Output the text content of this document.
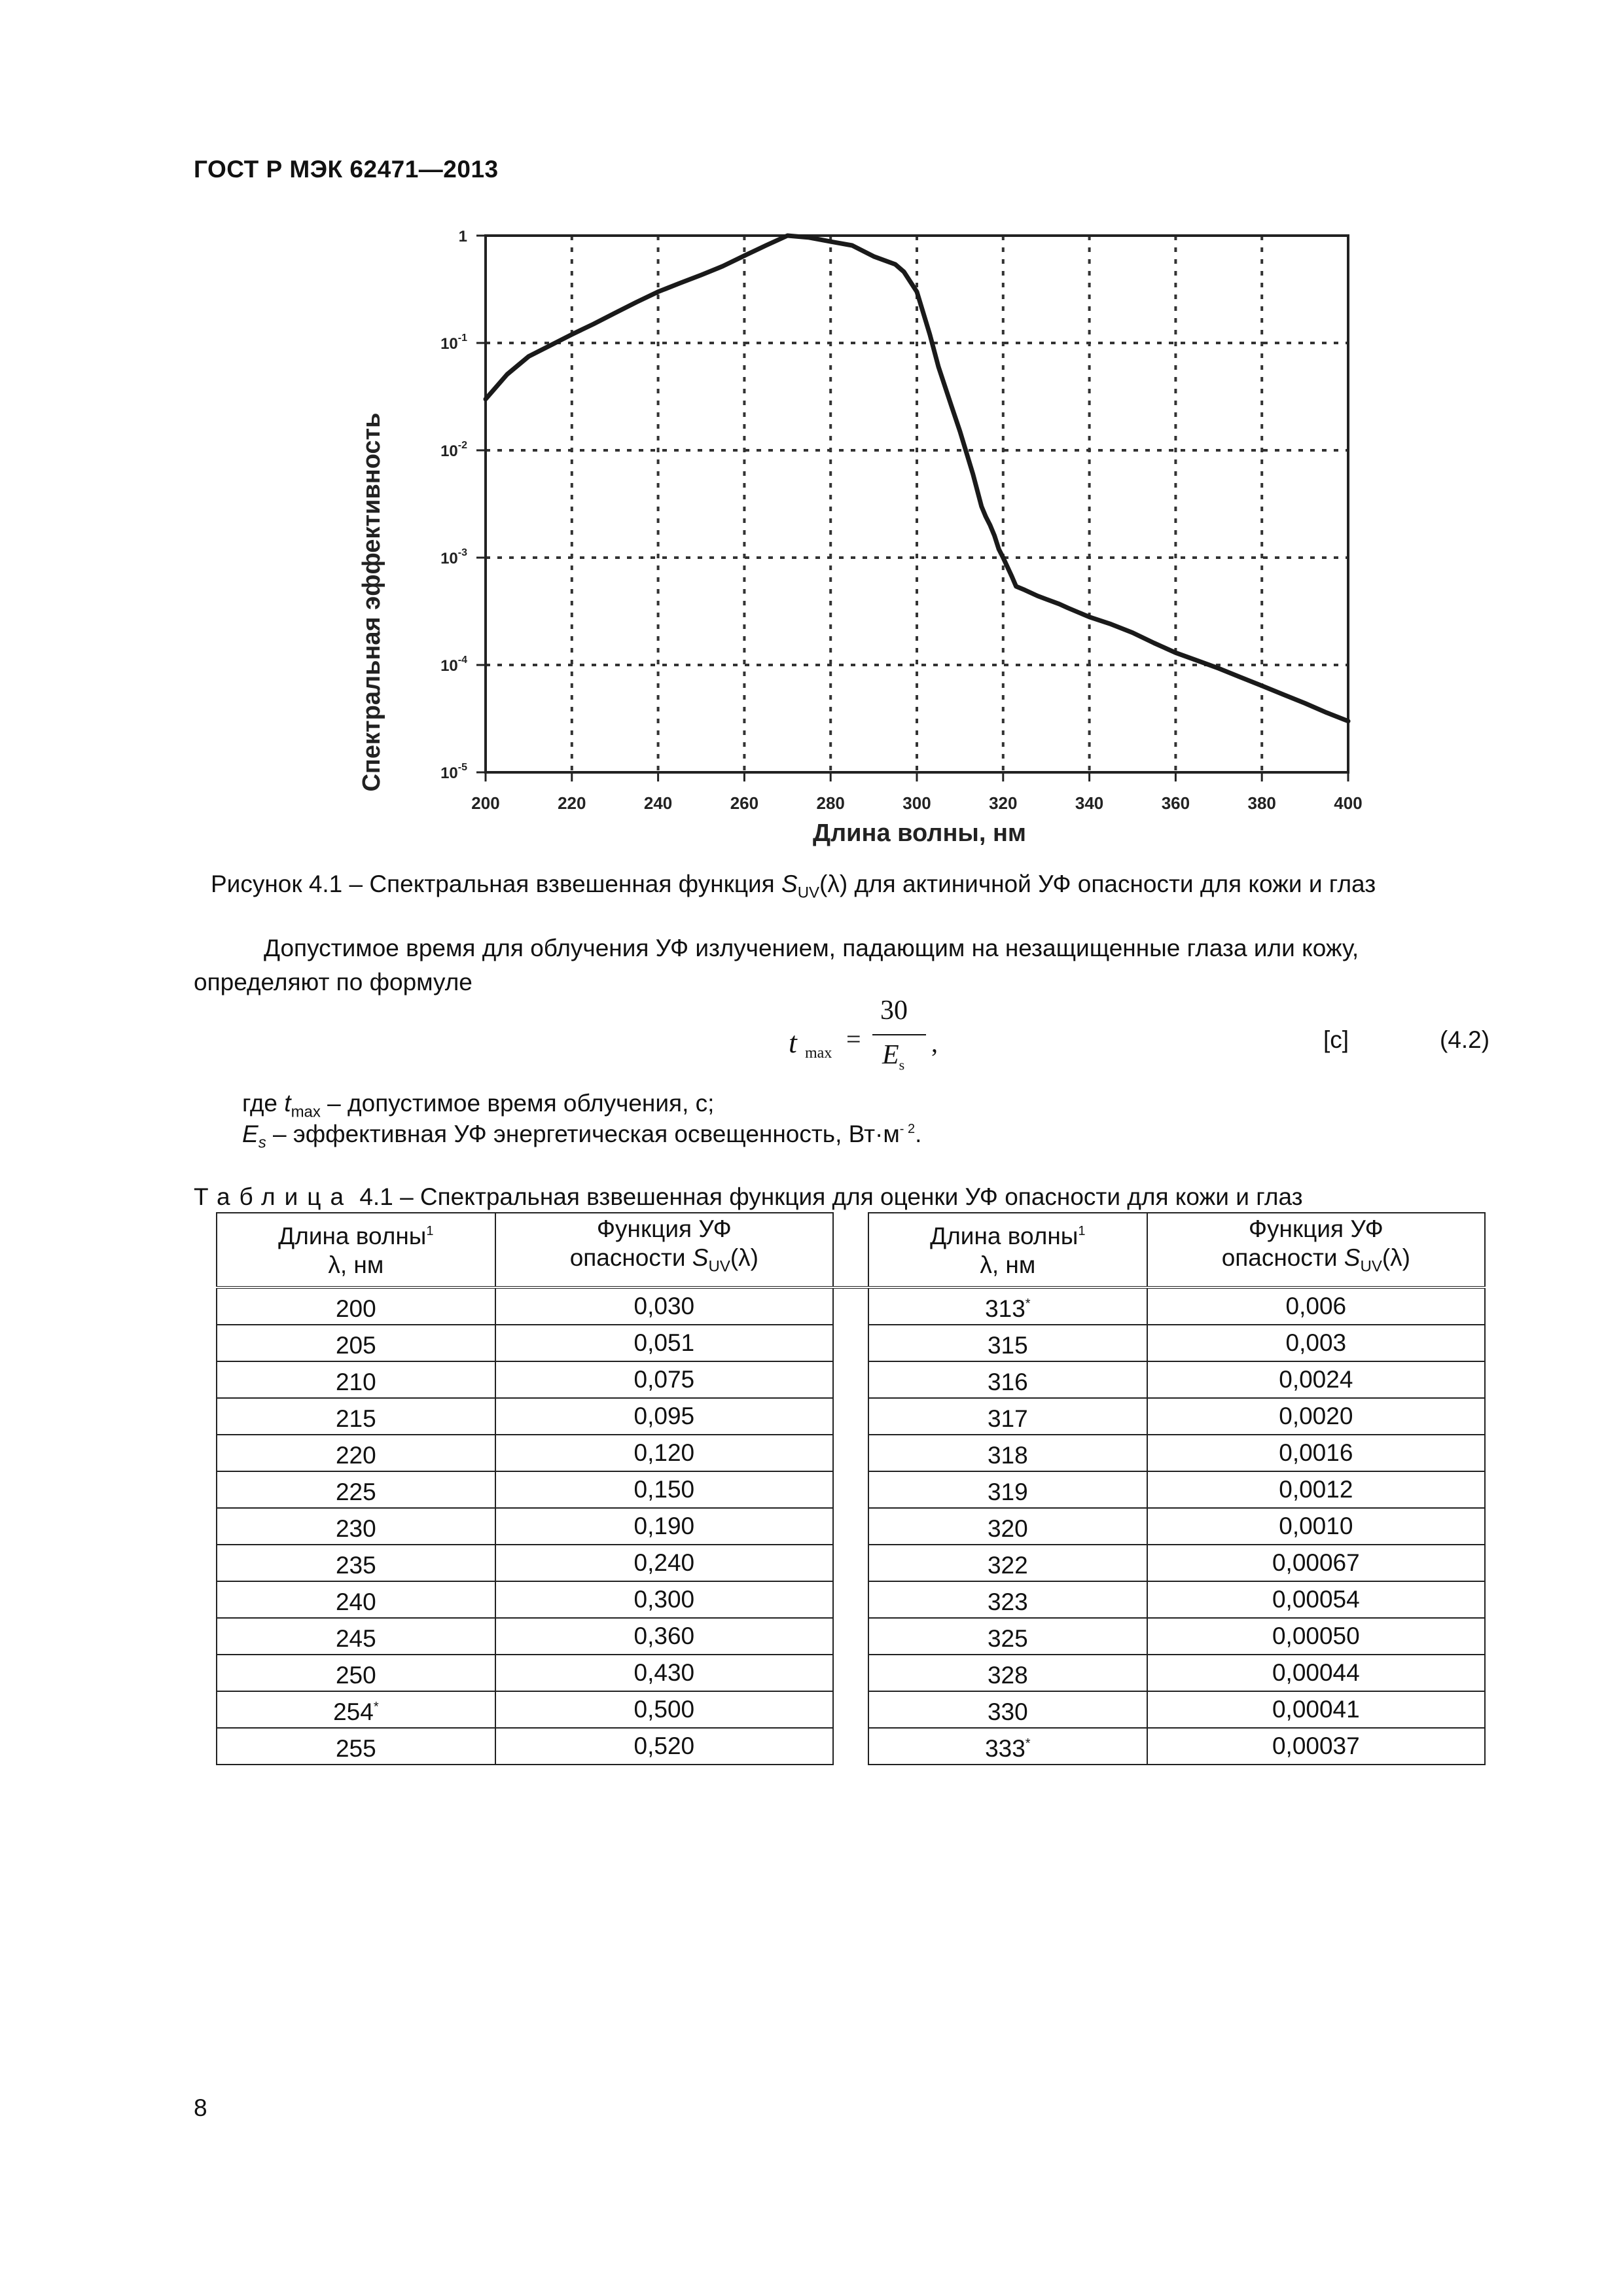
ГОСТ Р МЭК 62471—2013
200	220	240	260	280	300	320	340	360	380	400
1
$10^{-1}$
$10^{-2}$
$10^{-3}$
$10^{-4}$
$10^{-5}$
Спектральная эффективность
Длина волны, нм
Рисунок 4.1 – Спектральная взвешенная функция $S_{UV}(\lambda)$ для актиничной УФ опасности для кожи и глаз
Допустимое время для облучения УФ излучением, падающим на незащищенные глаза или кожу,
определяют по формуле
t max =
30
$E_s$
,	[с]	(4.2)
где $t_{max}$ – допустимое время облучения, с;
$E_s$ – эффективная УФ энергетическая освещенность, $Вт\cdot м^{- 2}$.
Таблица 4.1 – Спектральная взвешенная функция для оценки УФ опасности для кожи и глаз
Длина волны$^1$
λ, нм	Функция УФ
опасности $S_{UV}(\lambda)$		Длина волны$^1$
λ, нм	Функция УФ
опасности $S_{UV}(\lambda)$
200	0,030		313*	0,006
205	0,051		315	0,003
210	0,075		316	0,0024
215	0,095		317	0,0020
220	0,120		318	0,0016
225	0,150		319	0,0012
230	0,190		320	0,0010
235	0,240		322	0,00067
240	0,300		323	0,00054
245	0,360		325	0,00050
250	0,430		328	0,00044
254*	0,500		330	0,00041
255	0,520		333*	0,00037
8
